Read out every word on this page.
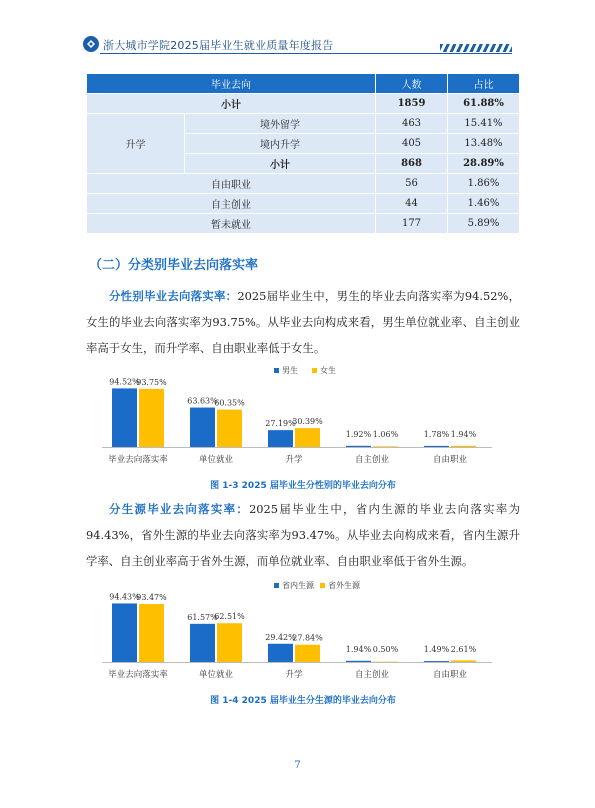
浙大城市学院2025届毕业生就业质量年度报告
毕业去向		人数	占比
小计		1859	61.88%
升学	境外留学	463	15.41%
	境内升学	405	13.48%
	小计	868	28.89%
自由职业		56	1.86%
自主创业		44	1.46%
暂未就业		177	5.89%
（二）分类别毕业去向落实率
分性别毕业去向落实率：2025届毕业生中，男生的毕业去向落实率为94.52%，女生的毕业去向落实率为93.75%。从毕业去向构成来看，男生单位就业率、自主创业率高于女生，而升学率、自由职业率低于女生。
男生	女生
94.52%
93.75%
毕业去向落实率
63.63%
60.35%
单位就业
27.19%
30.39%
升学
1.92% 1.06%
自主创业
1.78% 1.94%
自由职业
图 1-3 2025 届毕业生分性别的毕业去向分布
分生源毕业去向落实率：2025届毕业生中，省内生源的毕业去向落实率为94.43%，省外生源的毕业去向落实率为93.47%。从毕业去向构成来看，省内生源升学率、自主创业率高于省外生源，而单位就业率、自由职业率低于省外生源。
省内生源 省外生源
94.43%
93.47%
毕业去向落实率
61.57%
62.51%
单位就业
29.42%
27.84%
升学
1.94% 0.50%
自主创业
1.49% 2.61%
自由职业
图 1-4 2025 届毕业生分生源的毕业去向分布
7
